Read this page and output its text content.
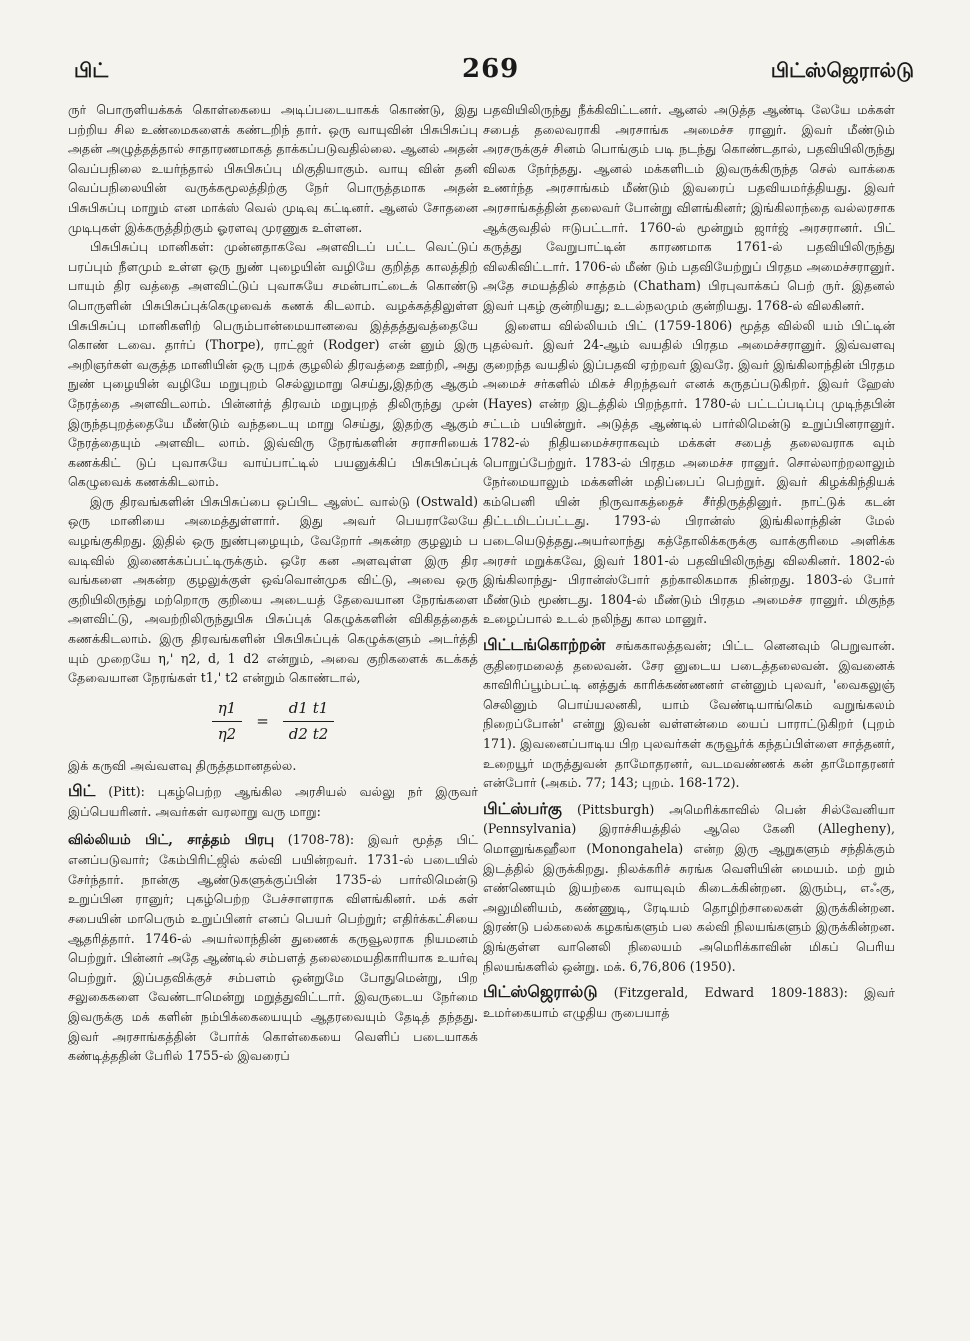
பிட்	269	பிட்ஸ்ஜெரால்டு

ருர் பொருளியக்கக் கொள்கையை அடிப்படையாகக் கொண்டு, இது பற்றிய சில உண்மைகளைக் கண்டறிந் தார். ஒரு வாயுவின் பிசுபிசுப்பு அதன் அழுத்தத்தால் சாதாரணமாகத் தாக்கப்படுவதில்லை. ஆனல் அதன் வெப்பநிலை உயர்ந்தால் பிசுபிசுப்பு மிகுதியாகும். வாயு வின் தனி வெப்பநிலையின் வருக்கமூலத்திற்கு நேர் பொருத்தமாக அதன் பிசுபிசுப்பு மாறும் என மாக்ஸ் வெல் முடிவு கட்டினர். ஆனல் சோதனை முடிபுகள் இக்கருத்திற்கும் ஓரளவு முரணுக உள்ளன.

பிசுபிசுப்பு மானிகள்: முன்னதாகவே அளவிடப் பட்ட வெட்டுப் பரப்பும் நீளமும் உள்ள ஒரு நுண் புழையின் வழியே குறித்த காலத்திற் பாயும் திர வத்தை அளவிட்டுப் புவாசுயே சமன்பாட்டைக் கொண்டு பொருளின் பிசுபிசுப்புக்கெழுவைக் கணக் கிடலாம். வழக்கத்திலுள்ள பிசுபிசுப்பு மானிகளிற் பெரும்பான்மையானவை இத்தத்துவத்தையே கொண் டவை. தார்ப் (Thorpe), ராட்ஜர் (Rodger) என் னும் இரு அறிஞர்கள் வகுத்த மானியின் ஒரு புறக் குழலில் திரவத்தை ஊற்றி, அது நுண் புழையின் வழியே மறுபுறம் செல்லுமாறு செய்து,இதற்கு ஆகும் நேரத்தை அளவிடலாம். பின்னர்த் திரவம் மறுபுறத் திலிருந்து முன் இருந்தபுறத்தையே மீண்டும் வந்தடையு மாறு செய்து, இதற்கு ஆகும் நேரத்தையும் அளவிட லாம். இவ்விரு நேரங்களின் சராசரியைக் கணக்கிட் டுப் புவாசுயே வாய்பாட்டில் பயனுக்கிப் பிசுபிசுப்புக் கெழுவைக் கணக்கிடலாம்.

இரு திரவங்களின் பிசுபிசுப்பை ஒப்பிட ஆஸ்ட் வால்டு (Ostwald) ஒரு மானியை அமைத்துள்ளார். இது அவர் பெயராலேயே வழங்குகிறது. இதில் ஒரு நுண்புழையும், வேறோர் அகன்ற குழலும் ப வடிவில் இணைக்கப்பட்டிருக்கும். ஒரே கன அளவுள்ள இரு திர வங்களை அகன்ற குழலுக்குள் ஒவ்வொன்முக விட்டு, அவை ஒரு குறியிலிருந்து மற்றொரு குறியை அடையத் தேவையான நேரங்களை அளவிட்டு, அவற்றிலிருந்துபிசு பிசுப்புக் கெழுக்களின் விகிதத்தைக் கணக்கிடலாம். இரு திரவங்களின் பிசுபிசுப்புக் கெழுக்களும் அடர்த்தி யும் முறையே η,' η2, d, 1 d2 என்றும், அவை குறிகளைக் கடக்கத் தேவையான நேரங்கள் t1,' t2 என்றும் கொண்டால்,

$\frac{\eta 1}{\eta 2} = \frac{d1 t1}{d2 t2}$

இக் கருவி அவ்வளவு திருத்தமானதல்ல.

பிட் (Pitt): புகழ்பெற்ற ஆங்கில அரசியல் வல்லு நர் இருவர் இப்பெயரினர். அவர்கள் வரலாறு வரு மாறு:

வில்லியம் பிட், சாத்தம் பிரபு (1708-78): இவர் மூத்த பிட் எனப்படுவார்; கேம்பிரிட்ஜில் கல்வி பயின்றவர். 1731-ல் படையில் சேர்ந்தார். நான்கு ஆண்டுகளுக்குப்பின் 1735-ல் பார்லிமென்டு உறுப்பின ரானுர்; புகழ்பெற்ற பேச்சாளராக விளங்கினர். மக் கள் சபையின் மாபெரும் உறுப்பினர் எனப் பெயர் பெற்றுர்; எதிர்க்கட்சியை ஆதரித்தார். 1746-ல் அயர்லாந்தின் துணைக் கருவூலராக நியமனம் பெற்றுர். பின்னர் அதே ஆண்டில் சம்பளத் தலைமையதிகாரியாக உயர்வு பெற்றுர். இப்பதவிக்குச் சம்பளம் ஒன்றுமே போதுமென்று, பிற சலுகைகளை வேண்டாமென்று மறுத்துவிட்டார். இவருடைய நேர்மை இவருக்கு மக் களின் நம்பிக்கையையும் ஆதரவையும் தேடித் தந்தது. இவர் அரசாங்கத்தின் போர்க் கொள்கையை வெளிப் படையாகக் கண்டித்ததின் பேரில் 1755-ல் இவரைப்

பதவியிலிருந்து நீக்கிவிட்டனர். ஆனல் அடுத்த ஆண்டி லேயே மக்கள் சபைத் தலைவராகி அரசாங்க அமைச்ச ரானுர். இவர் மீண்டும் அரசருக்குச் சினம் பொங்கும் படி நடந்து கொண்டதால், பதவியிலிருந்து விலக நேர்ந்தது. ஆனல் மக்களிடம் இவருக்கிருந்த செல் வாக்கை உணர்ந்த அரசாங்கம் மீண்டும் இவரைப் பதவியமர்த்தியது. இவர் அரசாங்கத்தின் தலைவர் போன்று விளங்கினர்; இங்கிலாந்தை வல்லரசாக ஆக்குவதில் ஈடுபட்டார். 1760-ல் மூன்றும் ஜார்ஜ் அரசரானர். பிட் கருத்து வேறுபாட்டின் காரணமாக 1761-ல் பதவியிலிருந்து விலகிவிட்டார். 1706-ல் மீண் டும் பதவியேற்றுப் பிரதம அமைச்சரானுர். அதே சமயத்தில் சாத்தம் (Chatham) பிரபுவாக்கப் பெற் ருர். இதனல் இவர் புகழ் குன்றியது; உடல்நலமும் குன்றியது. 1768-ல் விலகினர்.

இளைய வில்லியம் பிட் (1759-1806) மூத்த வில்லி யம் பிட்டின் புதல்வர். இவர் 24-ஆம் வயதில் பிரதம அமைச்சரானுர். இவ்வளவு குறைந்த வயதில் இப்பதவி ஏற்றவர் இவரே. இவர் இங்கிலாந்தின் பிரதம அமைச் சர்களில் மிகச் சிறந்தவர் எனக் கருதப்படுகிறர். இவர் ஹேஸ் (Hayes) என்ற இடத்தில் பிறந்தார். 1780-ல் பட்டப்படிப்பு முடிந்தபின் சட்டம் பயின்றுர். அடுத்த ஆண்டில் பார்லிமென்டு உறுப்பினரானுர். 1782-ல் நிதியமைச்சராகவும் மக்கள் சபைத் தலைவராக வும் பொறுப்பேற்றுர். 1783-ல் பிரதம அமைச்ச ரானுர். சொல்லாற்றலாலும் நேர்மையாலும் மக்களின் மதிப்பைப் பெற்றுர். இவர் கிழக்கிந்தியக் கம்பெனி யின் நிருவாகத்தைச் சீர்திருத்தினுர். நாட்டுக் கடன் திட்டமிடப்பட்டது. 1793-ல் பிரான்ஸ் இங்கிலாந்தின் மேல் படையெடுத்தது.அயர்லாந்து கத்தோலிக்கருக்கு வாக்குரிமை அளிக்க அரசர் மறுக்கவே, இவர் 1801-ல் பதவியிலிருந்து விலகினர். 1802-ல் இங்கிலாந்து- பிரான்ஸ்போர் தற்காலிகமாக நின்றது. 1803-ல் போர் மீண்டும் மூண்டது. 1804-ல் மீண்டும் பிரதம அமைச்ச ரானுர். மிகுந்த உழைப்பால் உடல் நலிந்து கால மானுர்.

பிட்டங்கொற்றன் சங்ககாலத்தவன்; பிட்ட னெனவும் பெறுவான். குதிரைமலைத் தலைவன். சேர னுடைய படைத்தலைவன். இவனைக் காவிரிப்பூம்பட்டி னத்துக் காரிக்கண்ணனர் என்னும் புலவர், 'வைகலுஞ் செலினும் பொய்யலனகி, யாம் வேண்டியாங்கெம் வறுங்கலம் நிறைப்போன்' என்று இவன் வள்ளன்மை யைப் பாராட்டுகிறர் (புறம் 171). இவனைப்பாடிய பிற புலவர்கள் கருவூர்க் கந்தப்பிள்ளை சாத்தனர், உறையூர் மருத்துவன் தாமோதரனர், வடமவண்ணக் கன் தாமோதரனர் என்போர் (அகம். 77; 143; புறம். 168-172).

பிட்ஸ்பர்கு (Pittsburgh) அமெரிக்காவில் பென் சில்வேனியா (Pennsylvania) இராச்சியத்தில் ஆலெ கேனி (Allegheny), மொனுங்கஹீலா (Monongahela) என்ற இரு ஆறுகளும் சந்திக்கும் இடத்தில் இருக்கிறது. நிலக்கரிச் சுரங்க வெளியின் மையம். மற் றும் எண்ணெயும் இயற்கை வாயுவும் கிடைக்கின்றன. இரும்பு, எஃகு, அலுமினியம், கண்ணுடி, ரேடியம் தொழிற்சாலைகள் இருக்கின்றன. இரண்டு பல்கலைக் கழகங்களும் பல கல்வி நிலயங்களும் இருக்கின்றன. இங்குள்ள வானெலி நிலையம் அமெரிக்காவின் மிகப் பெரிய நிலயங்களில் ஒன்று. மக். 6,76,806 (1950).

பிட்ஸ்ஜெரால்டு (Fitzgerald, Edward 1809-1883): இவர் உமர்கையாம் எழுதிய ருபையாத்
